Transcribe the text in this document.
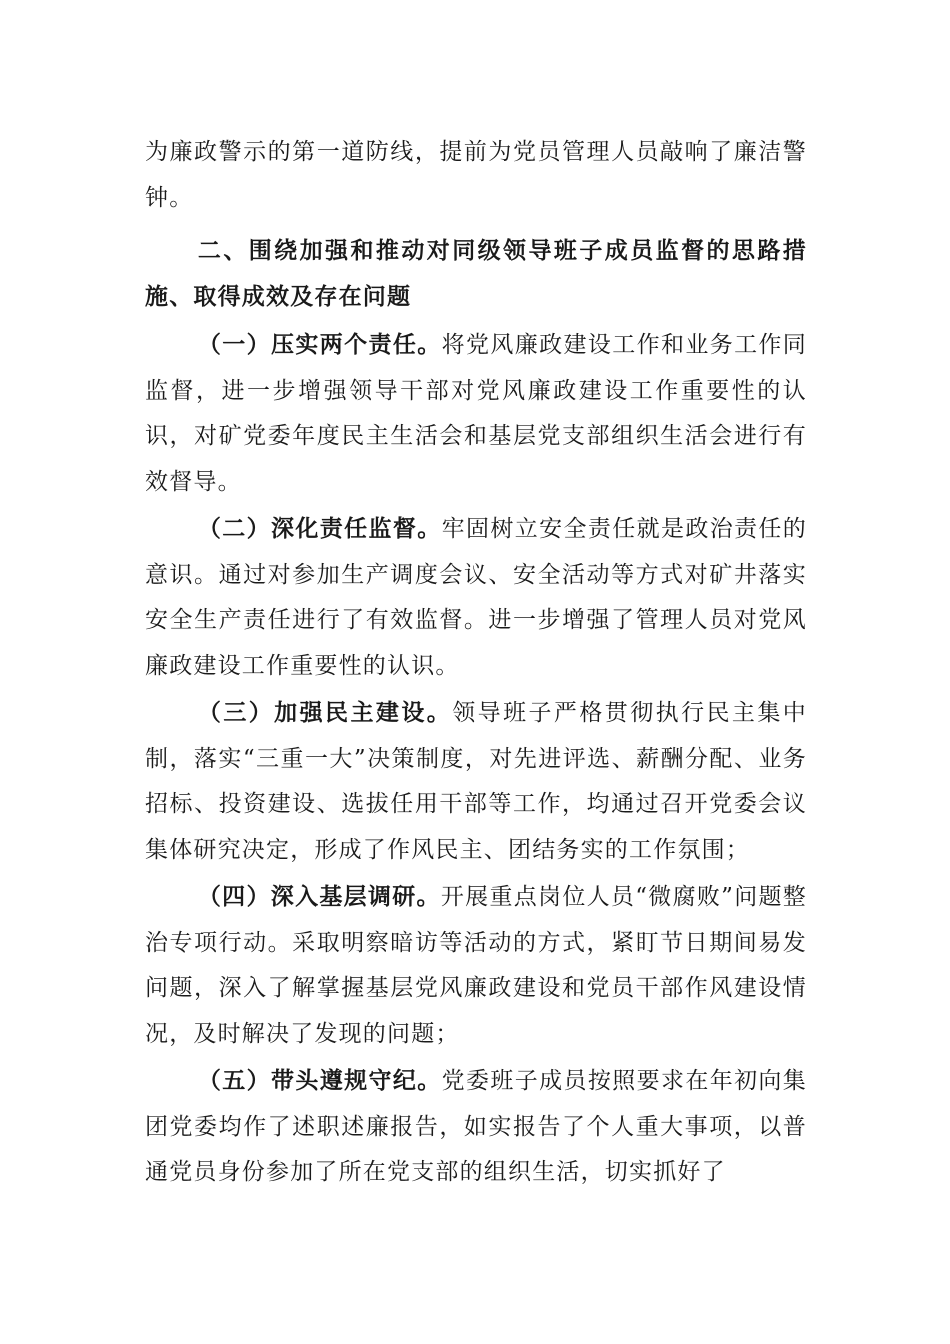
为廉政警示的第一道防线，提前为党员管理人员敲响了廉洁警钟。

二、围绕加强和推动对同级领导班子成员监督的思路措施、取得成效及存在问题

（一）压实两个责任。将党风廉政建设工作和业务工作同监督，进一步增强领导干部对党风廉政建设工作重要性的认识，对矿党委年度民主生活会和基层党支部组织生活会进行有效督导。

（二）深化责任监督。牢固树立安全责任就是政治责任的意识。通过对参加生产调度会议、安全活动等方式对矿井落实安全生产责任进行了有效监督。进一步增强了管理人员对党风廉政建设工作重要性的认识。

（三）加强民主建设。领导班子严格贯彻执行民主集中制，落实“三重一大”决策制度，对先进评选、薪酬分配、业务招标、投资建设、选拔任用干部等工作，均通过召开党委会议集体研究决定，形成了作风民主、团结务实的工作氛围；

（四）深入基层调研。开展重点岗位人员“微腐败”问题整治专项行动。采取明察暗访等活动的方式，紧盯节日期间易发问题，深入了解掌握基层党风廉政建设和党员干部作风建设情况，及时解决了发现的问题；

（五）带头遵规守纪。党委班子成员按照要求在年初向集团党委均作了述职述廉报告，如实报告了个人重大事项，以普通党员身份参加了所在党支部的组织生活，切实抓好了
